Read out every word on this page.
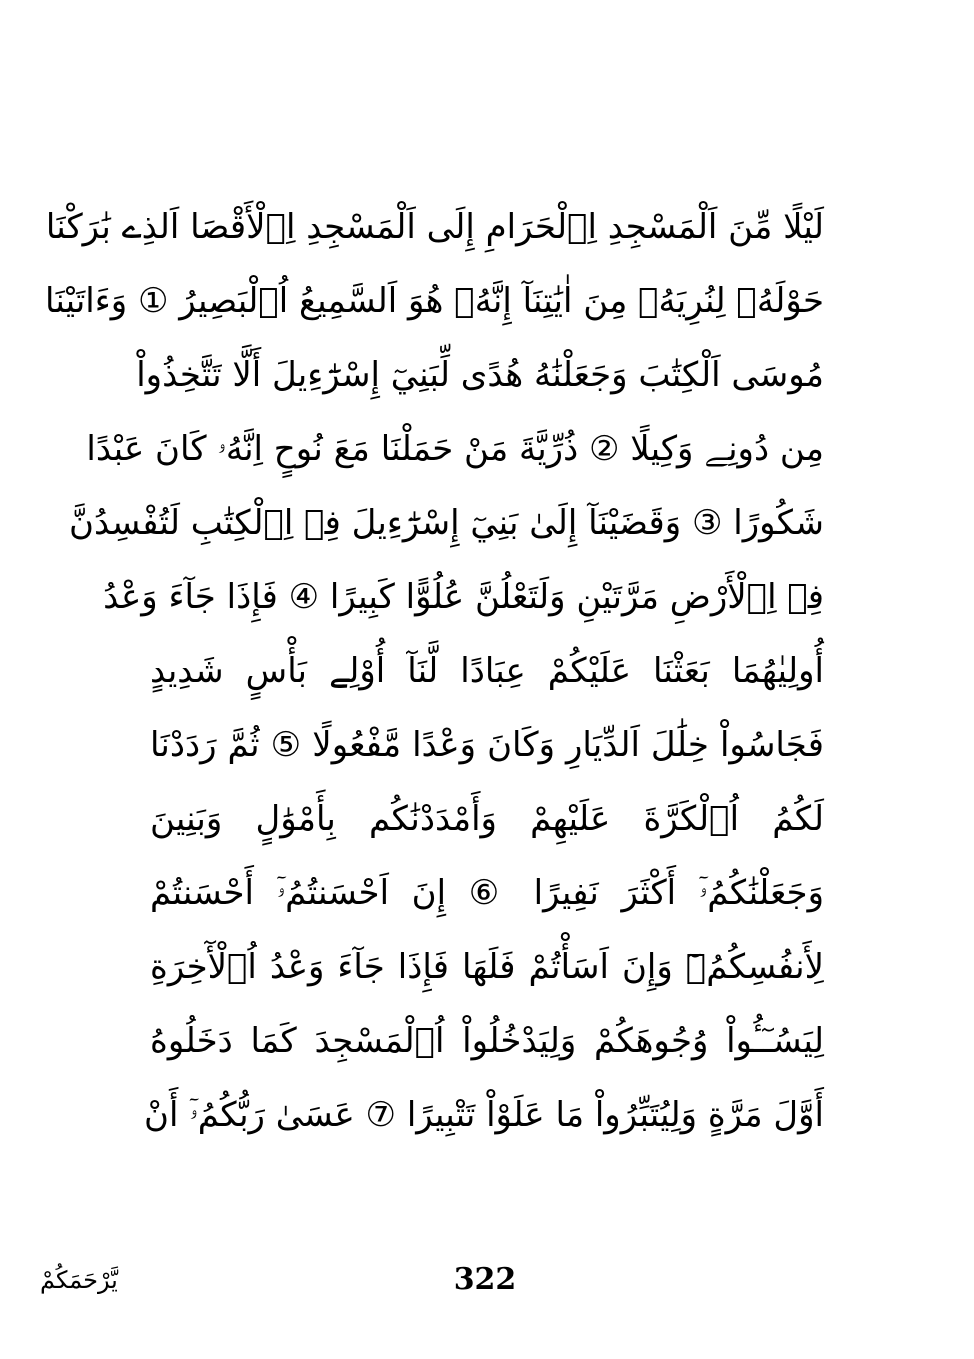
لَيْلًا مِّنَ اَلْمَسْجِدِ اِ۬لْحَرَامِ إِلَى اَلْمَسْجِدِ اِ۬لْأَقْصَا اَلذِے بَٰرَكْنَا
حَوْلَهُۥ لِنُرِيَهُۥ مِنَ اٰيَٰتِنَآ إِنَّهُۥ هُوَ اَلسَّمِيعُ اُ۬لْبَصِيرُ ① وَءَاتَيْنَا
مُوسَى اَلْكِتَٰبَ وَجَعَلْنَٰهُ هُدًى لِّبَنِيٓ إِسْرَٰٓءِيلَ أَلَّا تَتَّخِذُواْ
مِن دُونِے وَكِيلًا ② ذُرِّيَّةَ مَنْ حَمَلْنَا مَعَ نُوحٍ اِنَّهُۥ كَانَ عَبْدًا
شَكُورًا ③ وَقَضَيْنَآ إِلَىٰ بَنِيٓ إِسْرَٰٓءِيلَ فِے اِ۬لْكِتَٰبِ لَتُفْسِدُنَّ
فِے اِ۬لْأَرْضِ مَرَّتَيْنِ وَلَتَعْلُنَّ عُلُوًّا كَبِيرًا ④ فَإِذَا جَآءَ وَعْدُ
أُولِيٰهُمَا بَعَثْنَا عَلَيْكُمْ عِبَادًا لَّنَآ أُوْلِے بَأْسٍ شَدِيدٍ
فَجَاسُواْ خِلَٰلَ اَلدِّيَارِ وَكَانَ وَعْدًا مَّفْعُولًا ⑤ ثُمَّ رَدَدْنَا
لَكُمُ اُ۬لْكَرَّةَ عَلَيْهِمْ وَأَمْدَدْنَٰكُم بِأَمْوَٰلٍ وَبَنِينَ
وَجَعَلْنَٰكُمُۥٓ أَكْثَرَ نَفِيرًا ⑥ إِنَ اَحْسَنتُمُۥٓ أَحْسَنتُمْ
لِأَنفُسِكُمُۥٓ وَإِنَ اَسَأْتُمْ فَلَهَا فَإِذَا جَآءَ وَعْدُ اُ۬لْأٓخِرَةِ
لِيَسُـٓـُٔواْ وُجُوهَكُمْ وَلِيَدْخُلُواْ اُ۬لْمَسْجِدَ كَمَا دَخَلُوهُ
أَوَّلَ مَرَّةٍ وَلِيُتَبِّرُواْ مَا عَلَوْاْ تَتْبِيرًا ⑦ عَسَىٰ رَبُّكُمُۥٓ أَنْ
يَّرْحَمَكُمْ	322
